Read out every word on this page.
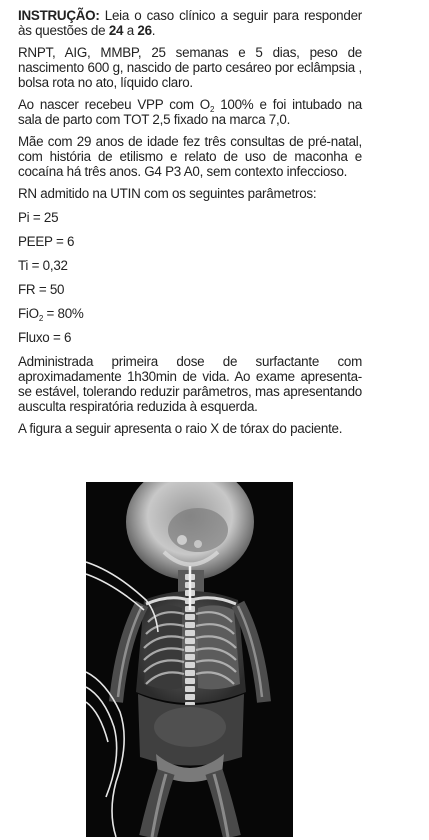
INSTRUÇÃO: Leia o caso clínico a seguir para responder às questões de 24 a 26.

RNPT, AIG, MMBP, 25 semanas e 5 dias, peso de nascimento 600 g, nascido de parto cesáreo por eclâmpsia , bolsa rota no ato, líquido claro.

Ao nascer recebeu VPP com $O_2$ 100% e foi intubado na sala de parto com TOT 2,5 fixado na marca 7,0.

Mãe com 29 anos de idade fez três consultas de pré-natal, com história de etilismo e relato de uso de maconha e cocaína há três anos. G4 P3 A0, sem contexto infeccioso.

RN admitido na UTIN com os seguintes parâmetros:

Pi = 25

PEEP = 6

Ti = 0,32

FR = 50

FiO$_2$ = 80%

Fluxo = 6

Administrada primeira dose de surfactante com aproximadamente 1h30min de vida. Ao exame apresenta-se estável, tolerando reduzir parâmetros, mas apresentando ausculta respiratória reduzida à esquerda.

A figura a seguir apresenta o raio X de tórax do paciente.
